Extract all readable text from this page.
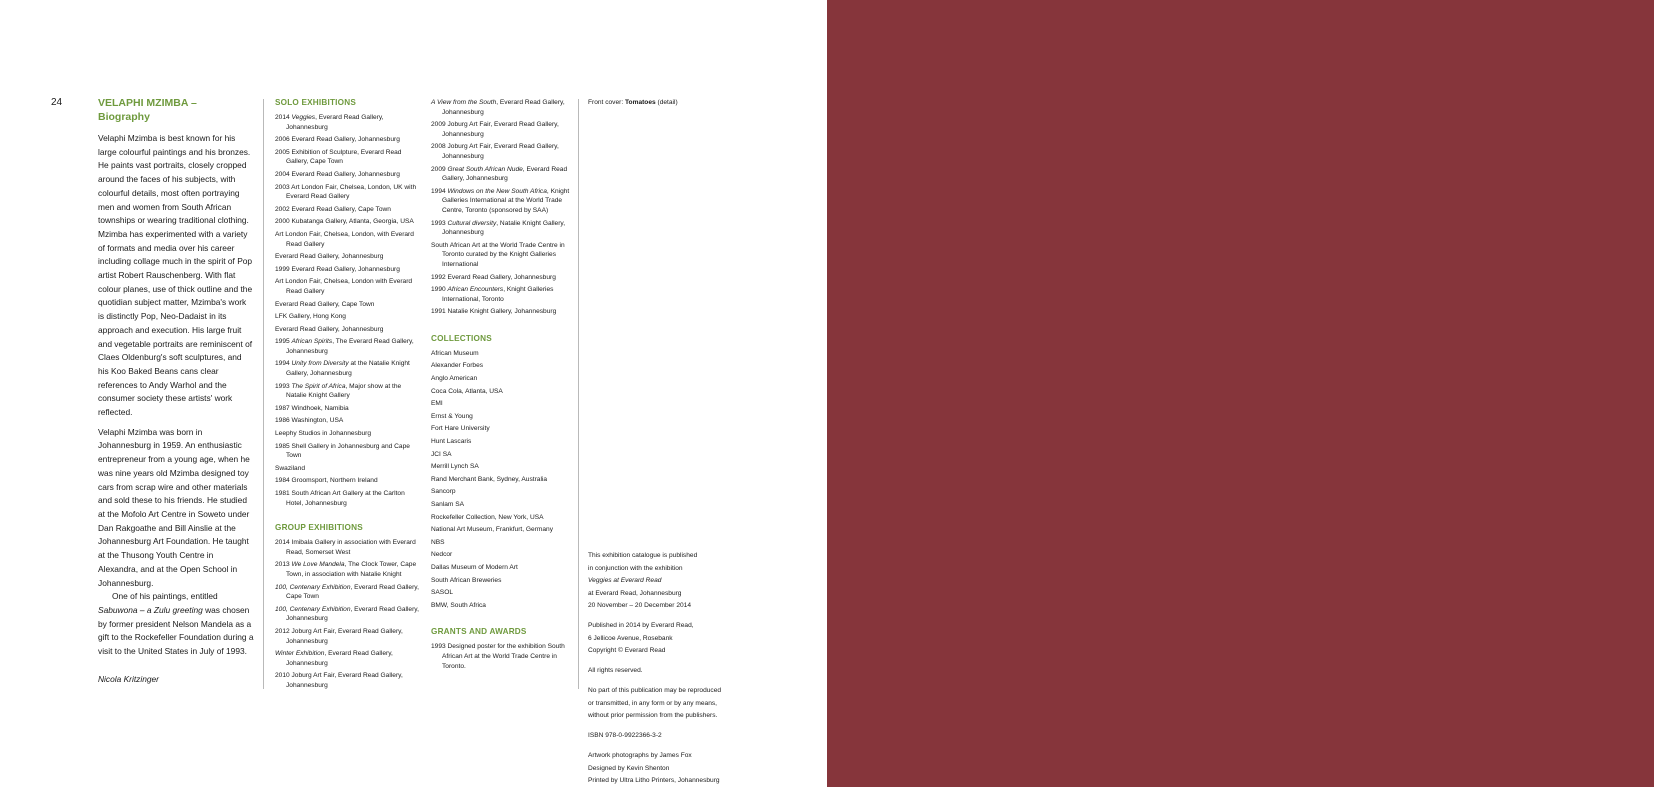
24	VELAPHI MZIMBA –
Biography

Velaphi Mzimba is best known for his large colourful paintings and his bronzes. He paints vast portraits, closely cropped around the faces of his subjects, with colourful details, most often portraying men and women from South African townships or wearing traditional clothing. Mzimba has experimented with a variety of formats and media over his career including collage much in the spirit of Pop artist Robert Rauschenberg. With flat colour planes, use of thick outline and the quotidian subject matter, Mzimba's work is distinctly Pop, Neo-Dadaist in its approach and execution. His large fruit and vegetable portraits are reminiscent of Claes Oldenburg's soft sculptures, and his Koo Baked Beans cans clear references to Andy Warhol and the consumer society these artists' work reflected.

Velaphi Mzimba was born in Johannesburg in 1959. An enthusiastic entrepreneur from a young age, when he was nine years old Mzimba designed toy cars from scrap wire and other materials and sold these to his friends. He studied at the Mofolo Art Centre in Soweto under Dan Rakgoathe and Bill Ainslie at the Johannesburg Art Foundation. He taught at the Thusong Youth Centre in Alexandra, and at the Open School in Johannesburg.

One of his paintings, entitled Sabuwona – a Zulu greeting was chosen by former president Nelson Mandela as a gift to the Rockefeller Foundation during a visit to the United States in July of 1993.

Nicola Kritzinger
SOLO EXHIBITIONS
2014 Veggies, Everard Read Gallery, Johannesburg
2006 Everard Read Gallery, Johannesburg
2005 Exhibition of Sculpture, Everard Read Gallery, Cape Town
2004 Everard Read Gallery, Johannesburg
2003 Art London Fair, Chelsea, London, UK with Everard Read Gallery
2002 Everard Read Gallery, Cape Town
2000 Kubatanga Gallery, Atlanta, Georgia, USA
Art London Fair, Chelsea, London, with Everard Read Gallery
Everard Read Gallery, Johannesburg
1999 Everard Read Gallery, Johannesburg
Art London Fair, Chelsea, London with Everard Read Gallery
Everard Read Gallery, Cape Town
LFK Gallery, Hong Kong
Everard Read Gallery, Johannesburg
1995 African Spirits, The Everard Read Gallery, Johannesburg
1994 Unity from Diversity at the Natalie Knight Gallery, Johannesburg
1993 The Spirit of Africa, Major show at the Natalie Knight Gallery
1987 Windhoek, Namibia
1986 Washington, USA
Leephy Studios in Johannesburg
1985 Shell Gallery in Johannesburg and Cape Town
Swaziland
1984 Groomsport, Northern Ireland
1981 South African Art Gallery at the Carlton Hotel, Johannesburg
GROUP EXHIBITIONS
2014 Imibala Gallery in association with Everard Read, Somerset West
2013 We Love Mandela, The Clock Tower, Cape Town, in association with Natalie Knight
100, Centenary Exhibition, Everard Read Gallery, Cape Town
100, Centenary Exhibition, Everard Read Gallery, Johannesburg
2012 Joburg Art Fair, Everard Read Gallery, Johannesburg
Winter Exhibition, Everard Read Gallery, Johannesburg
2010 Joburg Art Fair, Everard Read Gallery, Johannesburg
A View from the South, Everard Read Gallery, Johannesburg
2009 Joburg Art Fair, Everard Read Gallery, Johannesburg
2008 Joburg Art Fair, Everard Read Gallery, Johannesburg
2009 Great South African Nude, Everard Read Gallery, Johannesburg
1994 Windows on the New South Africa, Knight Galleries International at the World Trade Centre, Toronto (sponsored by SAA)
1993 Cultural diversity, Natalie Knight Gallery, Johannesburg
South African Art at the World Trade Centre in Toronto curated by the Knight Galleries International
1992 Everard Read Gallery, Johannesburg
1990 African Encounters, Knight Galleries International, Toronto
1991 Natalie Knight Gallery, Johannesburg
COLLECTIONS
African Museum
Alexander Forbes
Anglo American
Coca Cola, Atlanta, USA
EMI
Ernst & Young
Fort Hare University
Hunt Lascaris
JCI SA
Merrill Lynch SA
Rand Merchant Bank, Sydney, Australia
Sancorp
Sanlam SA
Rockefeller Collection, New York, USA
National Art Museum, Frankfurt, Germany
NBS
Nedcor
Dallas Museum of Modern Art
South African Breweries
SASOL
BMW, South Africa
GRANTS AND AWARDS
1993 Designed poster for the exhibition South African Art at the World Trade Centre in Toronto.
Front cover: Tomatoes (detail)
This exhibition catalogue is published
in conjunction with the exhibition
Veggies at Everard Read
at Everard Read, Johannesburg
20 November – 20 December 2014
Published in 2014 by Everard Read,
6 Jellicoe Avenue, Rosebank
Copyright © Everard Read
All rights reserved.
No part of this publication may be reproduced
or transmitted, in any form or by any means,
without prior permission from the publishers.
ISBN 978-0-9922366-3-2
Artwork photographs by James Fox
Designed by Kevin Shenton
Printed by Ultra Litho Printers, Johannesburg
